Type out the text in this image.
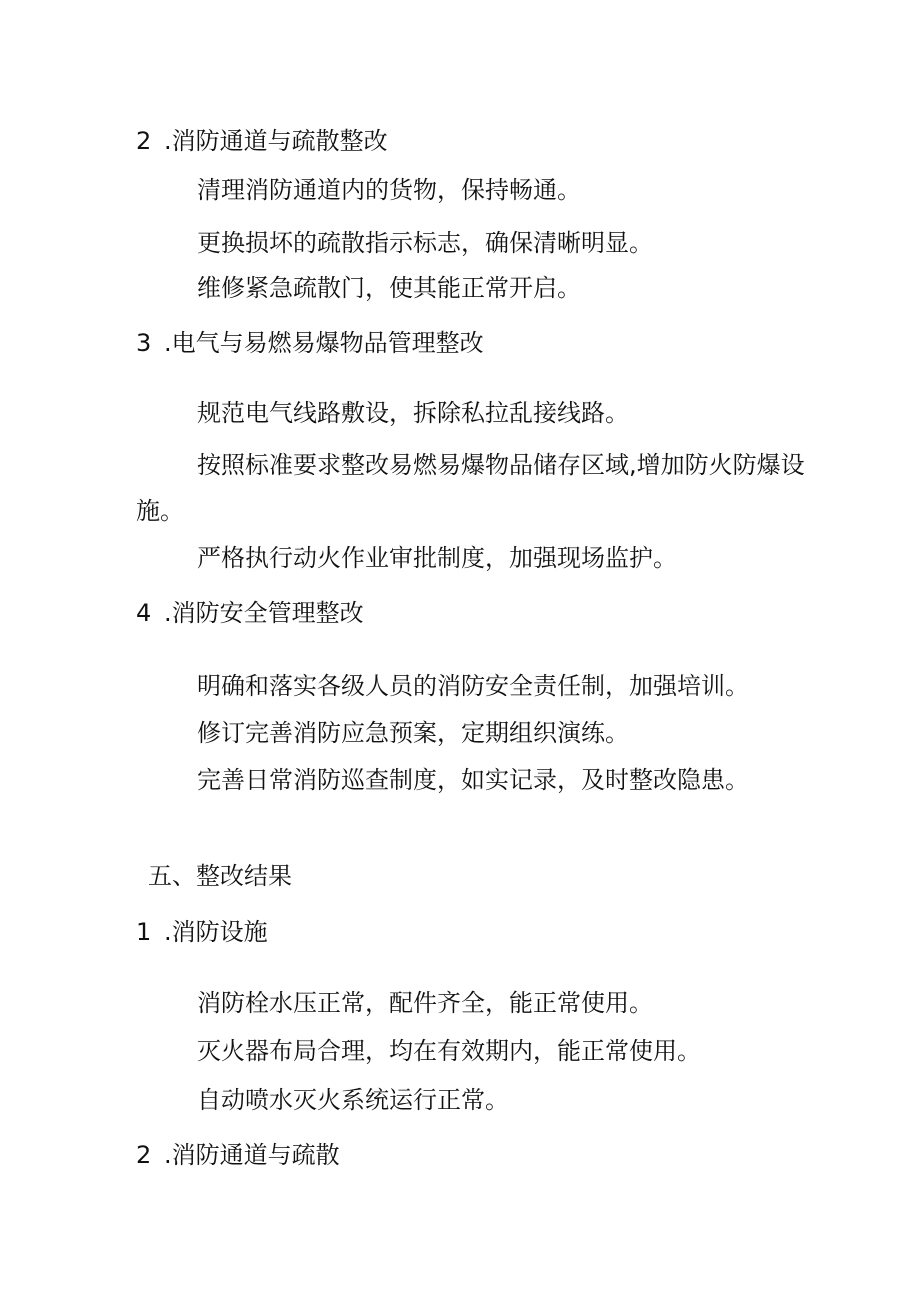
2 .消防通道与疏散整改
清理消防通道内的货物，保持畅通。
更换损坏的疏散指示标志，确保清晰明显。
维修紧急疏散门，使其能正常开启。
3 .电气与易燃易爆物品管理整改
规范电气线路敷设，拆除私拉乱接线路。
按照标准要求整改易燃易爆物品储存区域,增加防火防爆设
施。
严格执行动火作业审批制度，加强现场监护。
4 .消防安全管理整改
明确和落实各级人员的消防安全责任制，加强培训。
修订完善消防应急预案，定期组织演练。
完善日常消防巡查制度，如实记录，及时整改隐患。
五、整改结果
1 .消防设施
消防栓水压正常，配件齐全，能正常使用。
灭火器布局合理，均在有效期内，能正常使用。
自动喷水灭火系统运行正常。
2 .消防通道与疏散
